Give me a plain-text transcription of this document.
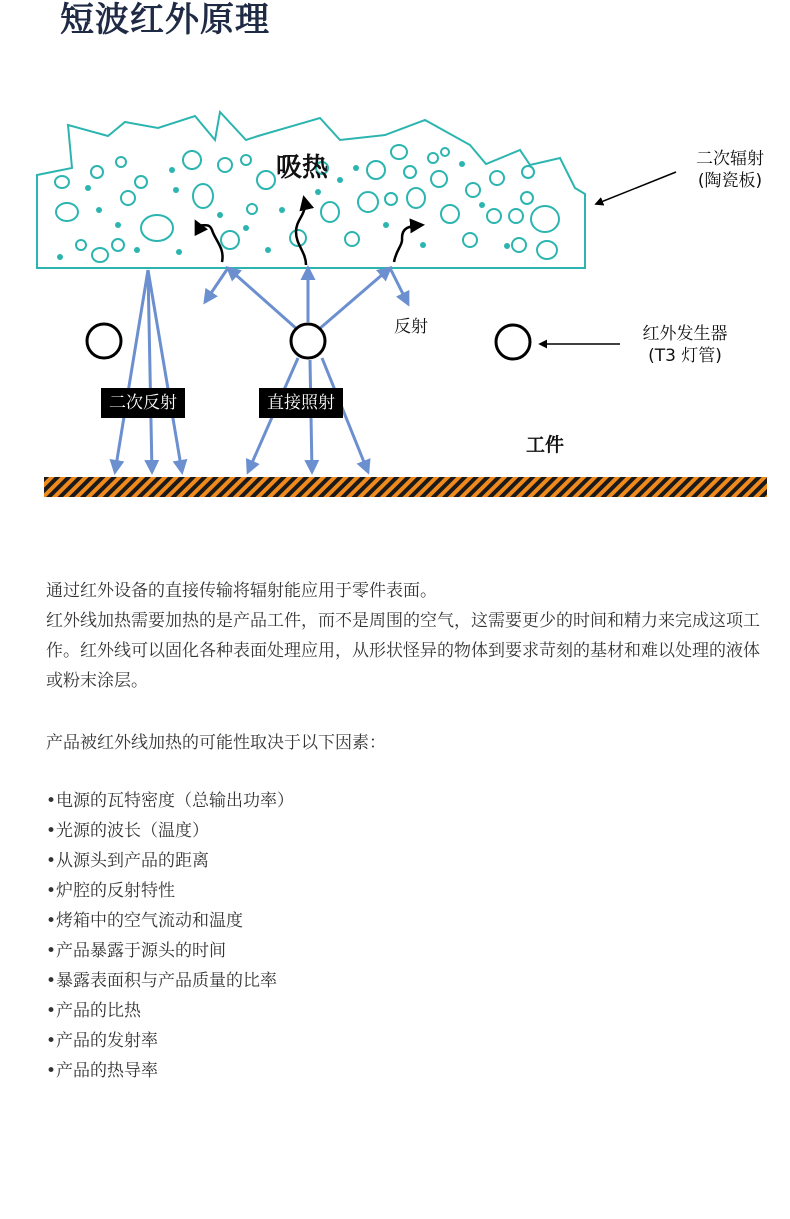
短波红外原理
吸热	二次辐射
(陶瓷板)
反射	红外发生器
(T3 灯管)
二次反射	直接照射
工件

通过红外设备的直接传输将辐射能应用于零件表面。

红外线加热需要加热的是产品工件，而不是周围的空气，这需要更少的时间和精力来完成这项工作。红外线可以固化各种表面处理应用，从形状怪异的物体到要求苛刻的基材和难以处理的液体或粉末涂层。

产品被红外线加热的可能性取决于以下因素：
•电源的瓦特密度（总输出功率）
•光源的波长（温度）
•从源头到产品的距离
•炉腔的反射特性
•烤箱中的空气流动和温度
•产品暴露于源头的时间
•暴露表面积与产品质量的比率
•产品的比热
•产品的发射率
•产品的热导率
